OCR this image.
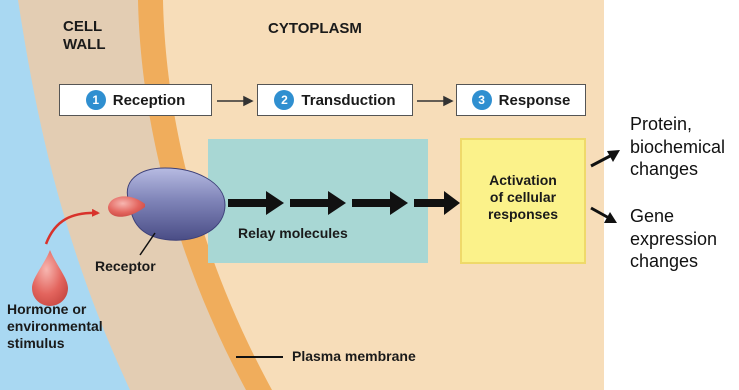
CELL
WALL
CYTOPLASM
1 Reception	2 Transduction	3 Response
Receptor
Hormone or
environmental
stimulus
Relay molecules
Activation
of cellular
responses
Plasma membrane
Protein,
biochemical
changes
Gene
expression
changes
